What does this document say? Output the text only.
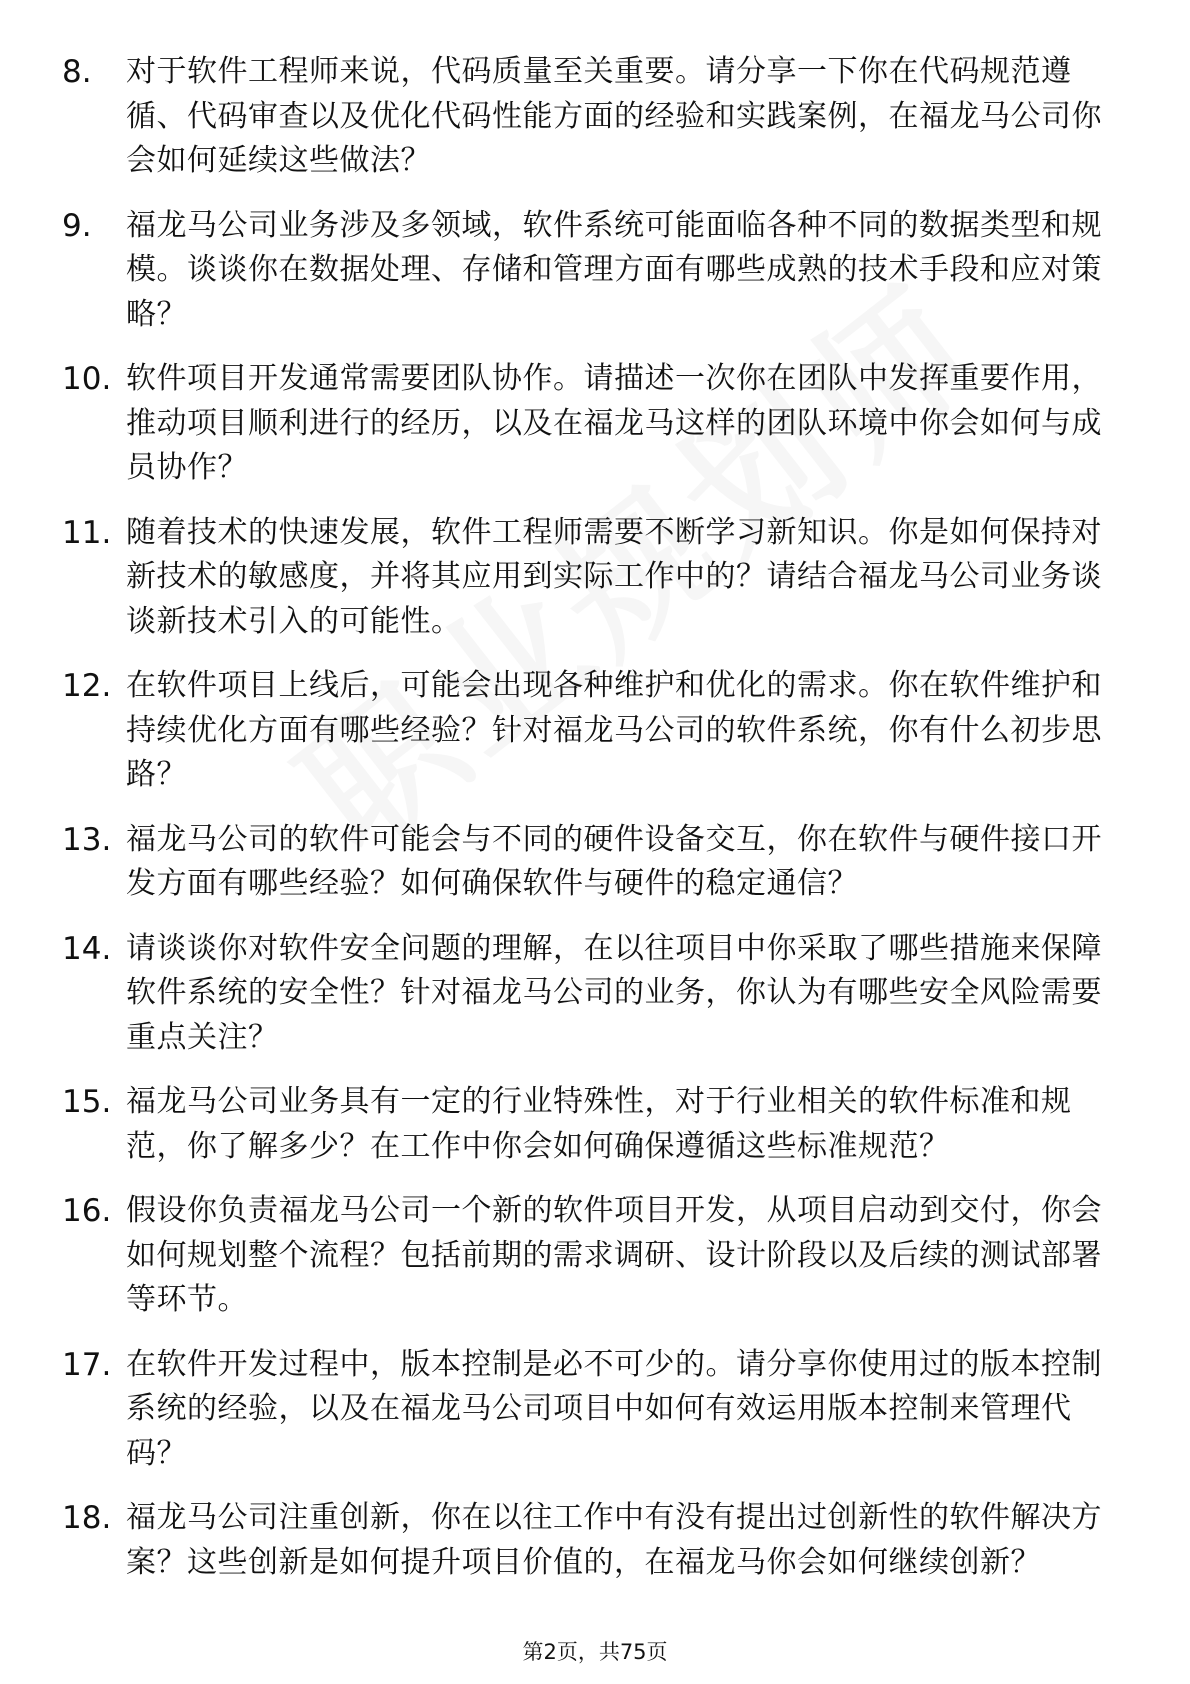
8.	对于软件工程师来说，代码质量至关重要。请分享一下你在代码规范遵循、代码审查以及优化代码性能方面的经验和实践案例，在福龙马公司你会如何延续这些做法？
9.	福龙马公司业务涉及多领域，软件系统可能面临各种不同的数据类型和规模。谈谈你在数据处理、存储和管理方面有哪些成熟的技术手段和应对策略？
10. 软件项目开发通常需要团队协作。请描述一次你在团队中发挥重要作用，推动项目顺利进行的经历，以及在福龙马这样的团队环境中你会如何与成员协作？
11. 随着技术的快速发展，软件工程师需要不断学习新知识。你是如何保持对新技术的敏感度，并将其应用到实际工作中的？请结合福龙马公司业务谈谈新技术引入的可能性。
12. 在软件项目上线后，可能会出现各种维护和优化的需求。你在软件维护和持续优化方面有哪些经验？针对福龙马公司的软件系统，你有什么初步思路？
13. 福龙马公司的软件可能会与不同的硬件设备交互，你在软件与硬件接口开发方面有哪些经验？如何确保软件与硬件的稳定通信？
14. 请谈谈你对软件安全问题的理解，在以往项目中你采取了哪些措施来保障软件系统的安全性？针对福龙马公司的业务，你认为有哪些安全风险需要重点关注？
15. 福龙马公司业务具有一定的行业特殊性，对于行业相关的软件标准和规范，你了解多少？在工作中你会如何确保遵循这些标准规范？
16. 假设你负责福龙马公司一个新的软件项目开发，从项目启动到交付，你会如何规划整个流程？包括前期的需求调研、设计阶段以及后续的测试部署等环节。
17. 在软件开发过程中，版本控制是必不可少的。请分享你使用过的版本控制系统的经验，以及在福龙马公司项目中如何有效运用版本控制来管理代码？
18. 福龙马公司注重创新，你在以往工作中有没有提出过创新性的软件解决方案？这些创新是如何提升项目价值的，在福龙马你会如何继续创新？
第2页，共75页
